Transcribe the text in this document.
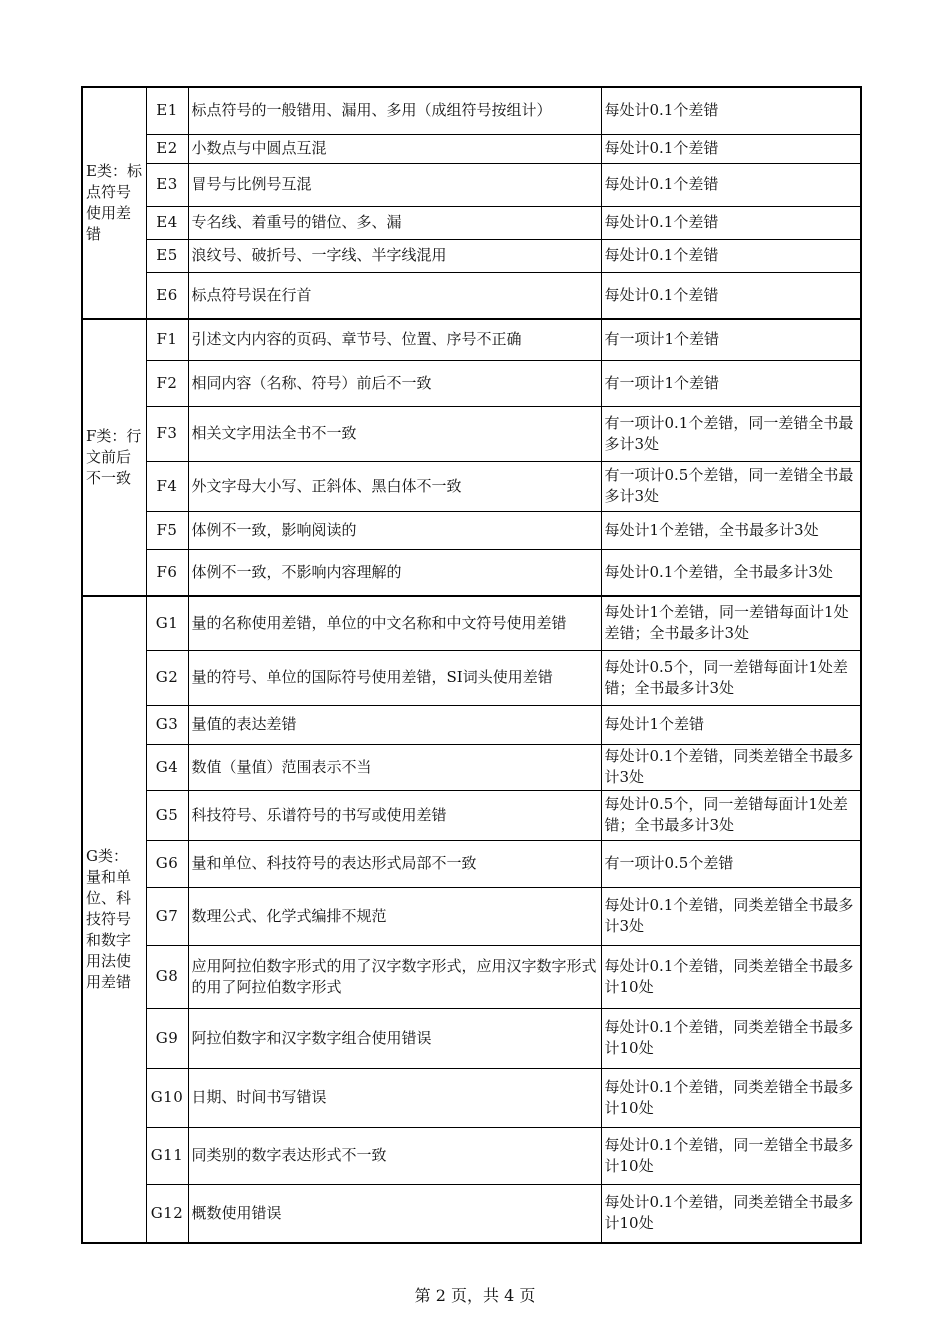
E类：标点符号使用差错	E1	标点符号的一般错用、漏用、多用（成组符号按组计）	每处计0.1个差错
	E2	小数点与中圆点互混	每处计0.1个差错
	E3	冒号与比例号互混	每处计0.1个差错
	E4	专名线、着重号的错位、多、漏	每处计0.1个差错
	E5	浪纹号、破折号、一字线、半字线混用	每处计0.1个差错
	E6	标点符号误在行首	每处计0.1个差错
F类：行文前后不一致	F1	引述文内内容的页码、章节号、位置、序号不正确	有一项计1个差错
	F2	相同内容（名称、符号）前后不一致	有一项计1个差错
	F3	相关文字用法全书不一致	有一项计0.1个差错，同一差错全书最多计3处
	F4	外文字母大小写、正斜体、黑白体不一致	有一项计0.5个差错，同一差错全书最多计3处
	F5	体例不一致，影响阅读的	每处计1个差错，全书最多计3处
	F6	体例不一致，不影响内容理解的	每处计0.1个差错，全书最多计3处
G类：量和单位、科技符号和数字用法使用差错	G1	量的名称使用差错，单位的中文名称和中文符号使用差错	每处计1个差错，同一差错每面计1处差错；全书最多计3处
	G2	量的符号、单位的国际符号使用差错，SI词头使用差错	每处计0.5个，同一差错每面计1处差错；全书最多计3处
	G3	量值的表达差错	每处计1个差错
	G4	数值（量值）范围表示不当	每处计0.1个差错，同类差错全书最多计3处
	G5	科技符号、乐谱符号的书写或使用差错	每处计0.5个，同一差错每面计1处差错；全书最多计3处
	G6	量和单位、科技符号的表达形式局部不一致	有一项计0.5个差错
	G7	数理公式、化学式编排不规范	每处计0.1个差错，同类差错全书最多计3处
	G8	应用阿拉伯数字形式的用了汉字数字形式，应用汉字数字形式的用了阿拉伯数字形式	每处计0.1个差错，同类差错全书最多计10处
	G9	阿拉伯数字和汉字数字组合使用错误	每处计0.1个差错，同类差错全书最多计10处
	G10	日期、时间书写错误	每处计0.1个差错，同类差错全书最多计10处
	G11	同类别的数字表达形式不一致	每处计0.1个差错，同一差错全书最多计10处
	G12	概数使用错误	每处计0.1个差错，同类差错全书最多计10处
第 2 页，共 4 页
